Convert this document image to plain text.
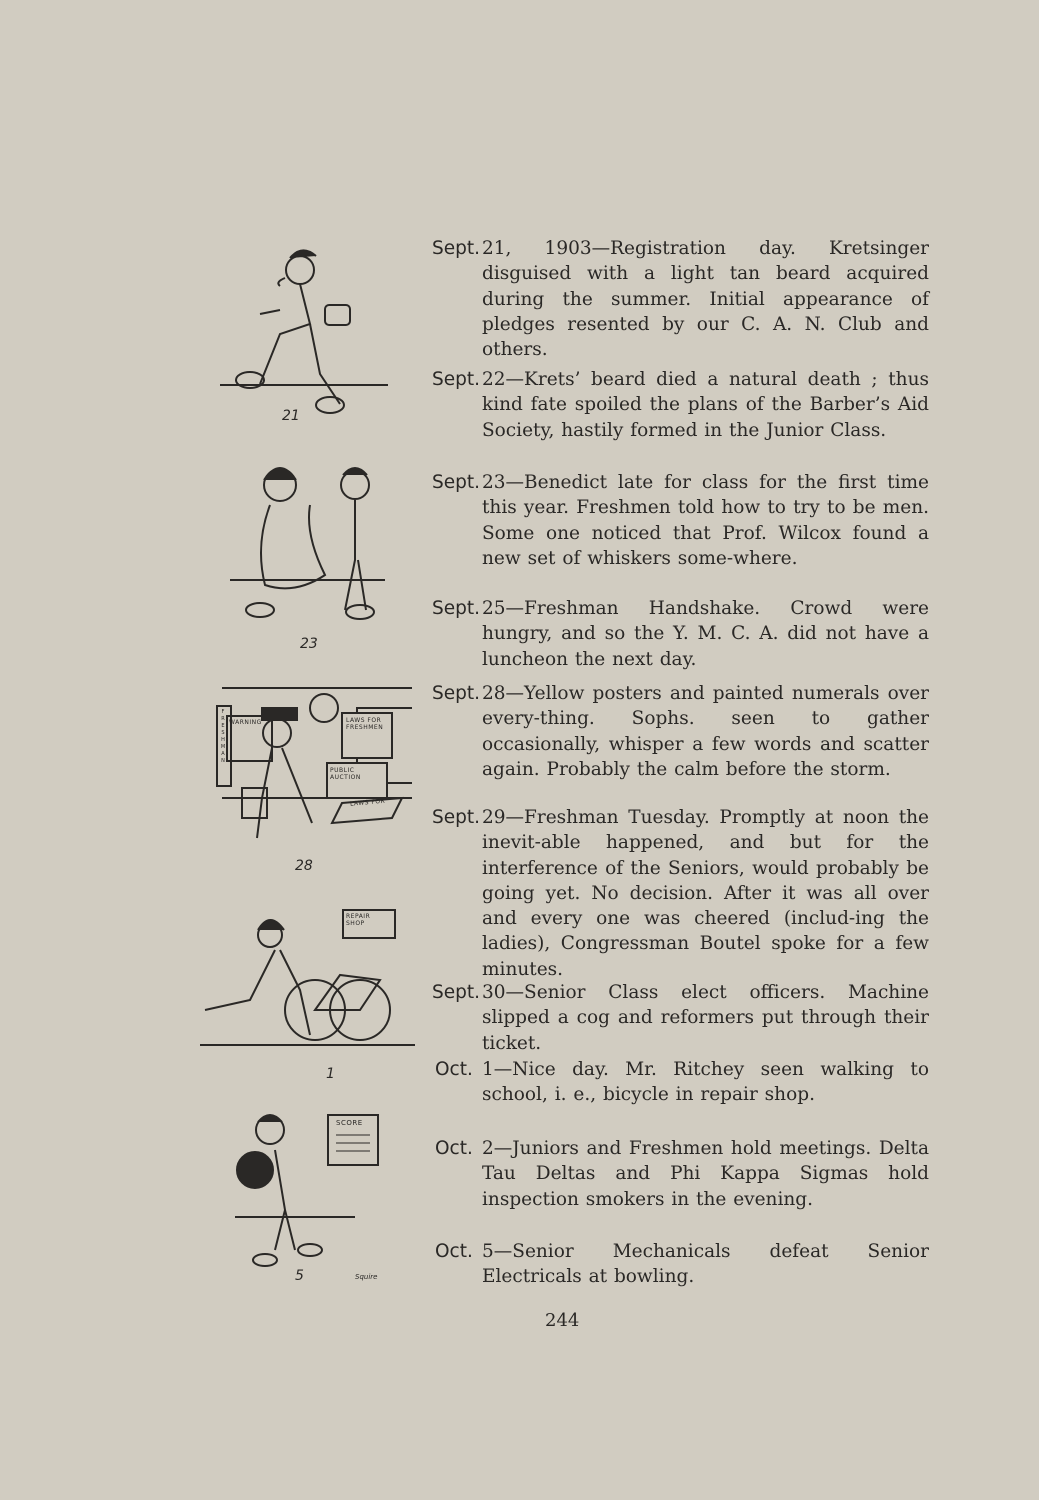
Sept. 21, 1903—Registration day. Kretsinger disguised with a light tan beard acquired during the summer. Initial appearance of pledges resented by our C. A. N. Club and others.
Sept. 22—Krets’ beard died a natural death ; thus kind fate spoiled the plans of the Barber’s Aid Society, hastily formed in the Junior Class.
Sept. 23—Benedict late for class for the first time this year. Freshmen told how to try to be men. Some one noticed that Prof. Wilcox found a new set of whiskers some-where.
Sept. 25—Freshman Handshake. Crowd were hungry, and so the Y. M. C. A. did not have a luncheon the next day.
Sept. 28—Yellow posters and painted numerals over every-thing. Sophs. seen to gather occasionally, whisper a few words and scatter again. Probably the calm before the storm.
Sept. 29—Freshman Tuesday. Promptly at noon the inevit-able happened, and but for the interference of the Seniors, would probably be going yet. No decision. After it was all over and every one was cheered (includ-ing the ladies), Congressman Boutel spoke for a few minutes.
Sept. 30—Senior Class elect officers. Machine slipped a cog and reformers put through their ticket.
Oct. 1—Nice day. Mr. Ritchey seen walking to school, i. e., bicycle in repair shop.
Oct. 2—Juniors and Freshmen hold meetings. Delta Tau Deltas and Phi Kappa Sigmas hold inspection smokers in the evening.
Oct. 5—Senior Mechanicals defeat Senior Electricals at bowling.
244
21
23
WARNING	LAWS FOR FRESHMEN
PUBLIC AUCTION
FRESHMAN
LAWS FOR
28
REPAIR SHOP
1
SCORE
Squire
5
